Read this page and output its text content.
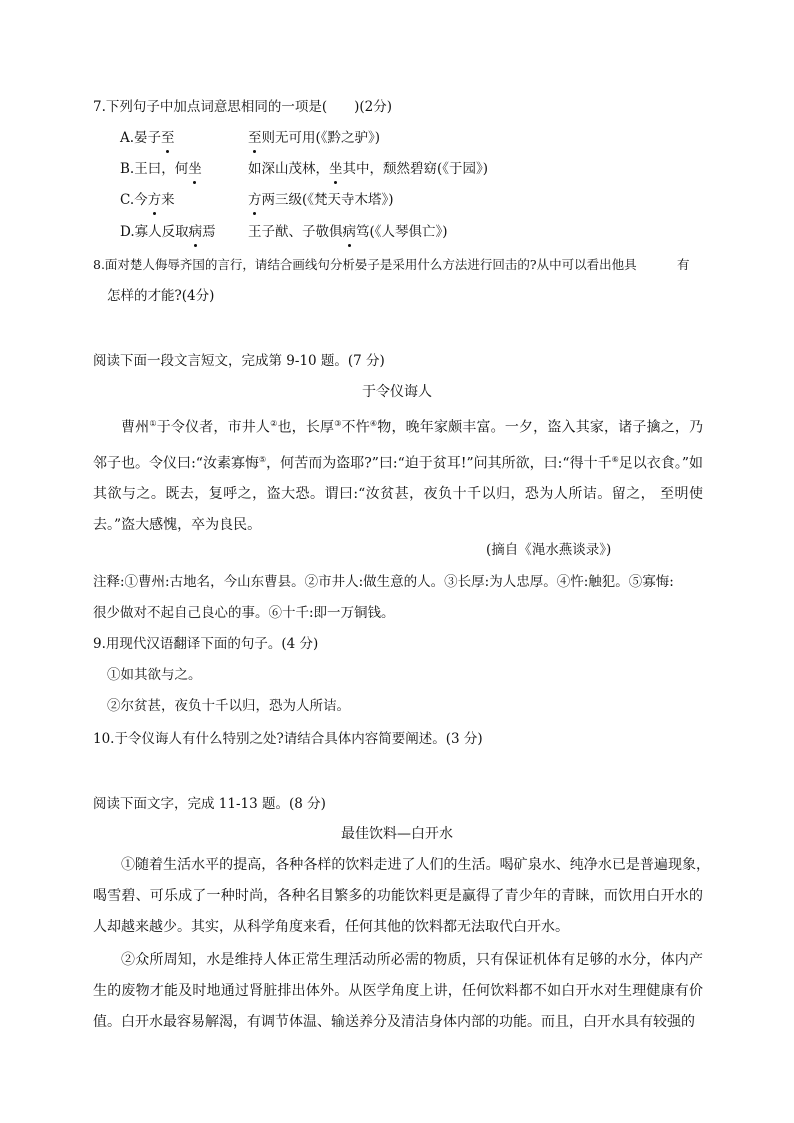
7.下列句子中加点词意思相同的一项是(　　)(2分)
A.晏子至	至则无可用(《黔之驴》)
B.王曰，何坐	如深山茂林，坐其中，颓然碧窈(《于园》)
C.今方来	方两三级(《梵天寺木塔》)
D.寡人反取病焉 王子猷、子敬俱病笃(《人琴俱亡》)
8.面对楚人侮辱齐国的言行，请结合画线句分析晏子是采用什么方法进行回击的?从中可以看出他具	有
怎样的才能?(4分)
阅读下面一段文言短文，完成第 9-10 题。(7 分)
于令仪诲人
曹州①于令仪者，市井人②也，长厚③不忤④物，晚年家颇丰富。一夕，盗入其家，诸子擒之，乃邻子也。令仪曰:“汝素寡悔⑤，何苦而为盗耶?”曰:“迫于贫耳!”问其所欲，曰:“得十千⑥足以衣食。”如其欲与之。既去，复呼之，盗大恐。谓曰:“汝贫甚，夜负十千以归，恐为人所诘。留之， 至明使去。”盗大感愧，卒为良民。
(摘自《渑水燕谈录》)
注释:①曹州:古地名，今山东曹县。②市井人:做生意的人。③长厚:为人忠厚。④忤:触犯。⑤寡悔:
很少做对不起自己良心的事。⑥十千:即一万铜钱。
9.用现代汉语翻译下面的句子。(4 分)
①如其欲与之。
②尔贫甚，夜负十千以归，恐为人所诘。
10.于令仪诲人有什么特别之处?请结合具体内容简要阐述。(3 分)
阅读下面文字，完成 11-13 题。(8 分)
最佳饮料—白开水
①随着生活水平的提高，各种各样的饮料走进了人们的生活。喝矿泉水、纯净水已是普遍现象，　 喝雪碧、可乐成了一种时尚，各种名目繁多的功能饮料更是赢得了青少年的青睐，而饮用白开水的人却越来越少。其实，从科学角度来看，任何其他的饮料都无法取代白开水。
②众所周知，水是维持人体正常生理活动所必需的物质，只有保证机体有足够的水分，体内产生的废物才能及时地通过肾脏排出体外。从医学角度上讲，任何饮料都不如白开水对生理健康有价值。白开水最容易解渴，有调节体温、输送养分及清洁身体内部的功能。而且，白开水具有较强的
